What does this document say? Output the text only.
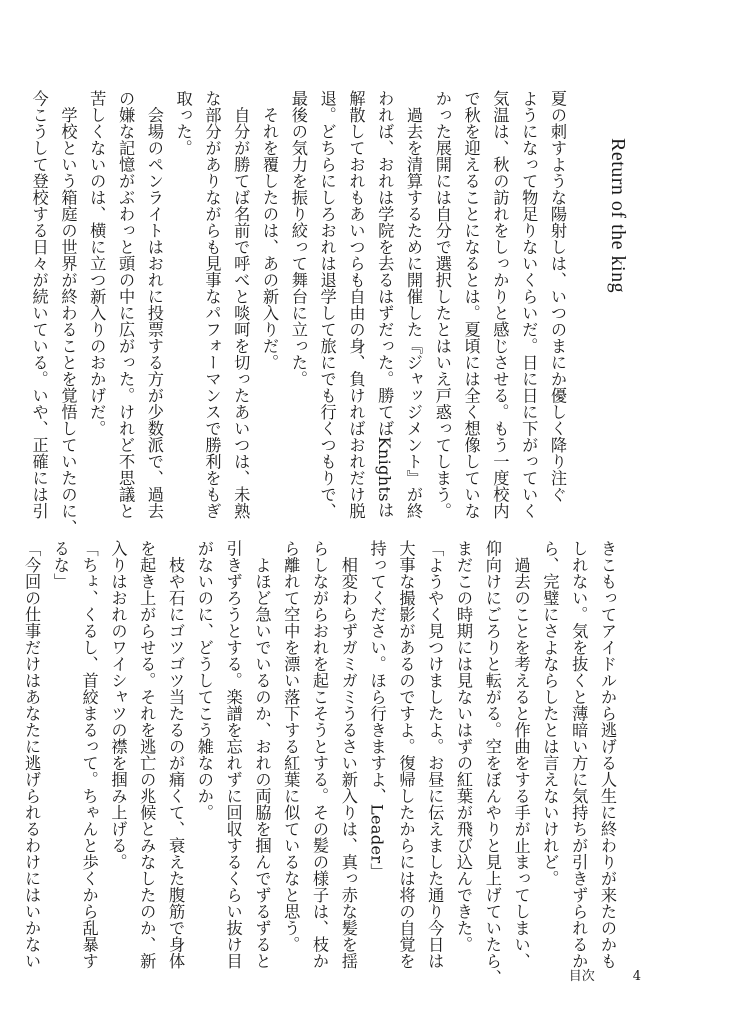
Return of the king
夏の刺すような陽射しは、いつのまにか優しく降り注ぐ
ようになって物足りないくらいだ。日に日に下がっていく
気温は、秋の訪れをしっかりと感じさせる。もう一度校内
で秋を迎えることになるとは。夏頃には全く想像していな
かった展開には自分で選択したとはいえ戸惑ってしまう。
　過去を清算するために開催した『ジャッジメント』が終
われば、おれは学院を去るはずだった。勝てばKnightsは
解散しておれもあいつらも自由の身、負ければおれだけ脱
退。どちらにしろおれは退学して旅にでも行くつもりで、
最後の気力を振り絞って舞台に立った。
　それを覆したのは、あの新入りだ。
　自分が勝てば名前で呼べと啖呵を切ったあいつは、未熟
な部分がありながらも見事なパフォーマンスで勝利をもぎ
取った。
　会場のペンライトはおれに投票する方が少数派で、過去
の嫌な記憶がぶわっと頭の中に広がった。けれど不思議と
苦しくないのは、横に立つ新入りのおかげだ。
　学校という箱庭の世界が終わることを覚悟していたのに、
今こうして登校する日々が続いている。いや、正確には引
きこもってアイドルから逃げる人生に終わりが来たのかも
しれない。気を抜くと薄暗い方に気持ちが引きずられるか
ら、完璧にさよならしたとは言えないけれど。
　過去のことを考えると作曲をする手が止まってしまい、
仰向けにごろりと転がる。空をぼんやりと見上げていたら、
まだこの時期には見ないはずの紅葉が飛び込んできた。
「ようやく見つけましたよ。お昼に伝えました通り今日は
大事な撮影があるのですよ。復帰したからには将の自覚を
持ってください。ほら行きますよ、Leader」
　相変わらずガミガミうるさい新入りは、真っ赤な髪を揺
らしながらおれを起こそうとする。その髪の様子は、枝か
ら離れて空中を漂い落下する紅葉に似ているなと思う。
　よほど急いでいるのか、おれの両脇を掴んでずるずると
引きずろうとする。楽譜を忘れずに回収するくらい抜け目
がないのに、どうしてこう雑なのか。
　枝や石にゴツゴツ当たるのが痛くて、衰えた腹筋で身体
を起き上がらせる。それを逃亡の兆候とみなしたのか、新
入りはおれのワイシャツの襟を掴み上げる。
「ちょ、くるし、首絞まるって。ちゃんと歩くから乱暴す
るな」
「今回の仕事だけはあなたに逃げられるわけにはいかない
目次	4
